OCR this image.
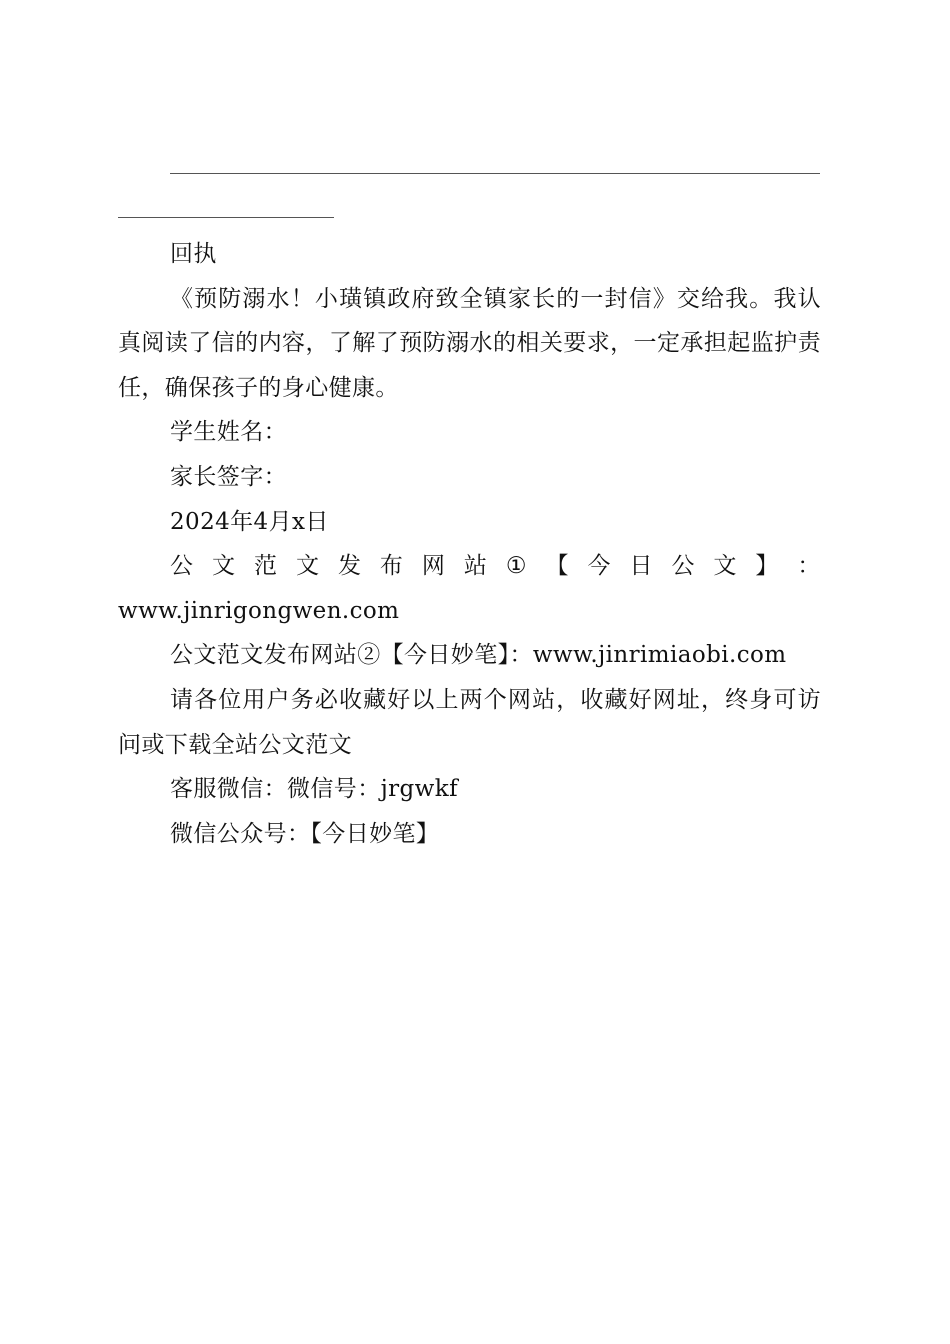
回执

《预防溺水！小璜镇政府致全镇家长的一封信》交给我。我认真阅读了信的内容，了解了预防溺水的相关要求，一定承担起监护责任，确保孩子的身心健康。

学生姓名：

家长签字：

2024年4月x日

公 文 范 文 发 布 网 站 ① 【 今 日 公 文 】 ：
www.jinrigongwen.com

公文范文发布网站②【今日妙笔】：www.jinrimiaobi.com

请各位用户务必收藏好以上两个网站，收藏好网址，终身可访问或下载全站公文范文

客服微信：微信号：jrgwkf

微信公众号：【今日妙笔】
